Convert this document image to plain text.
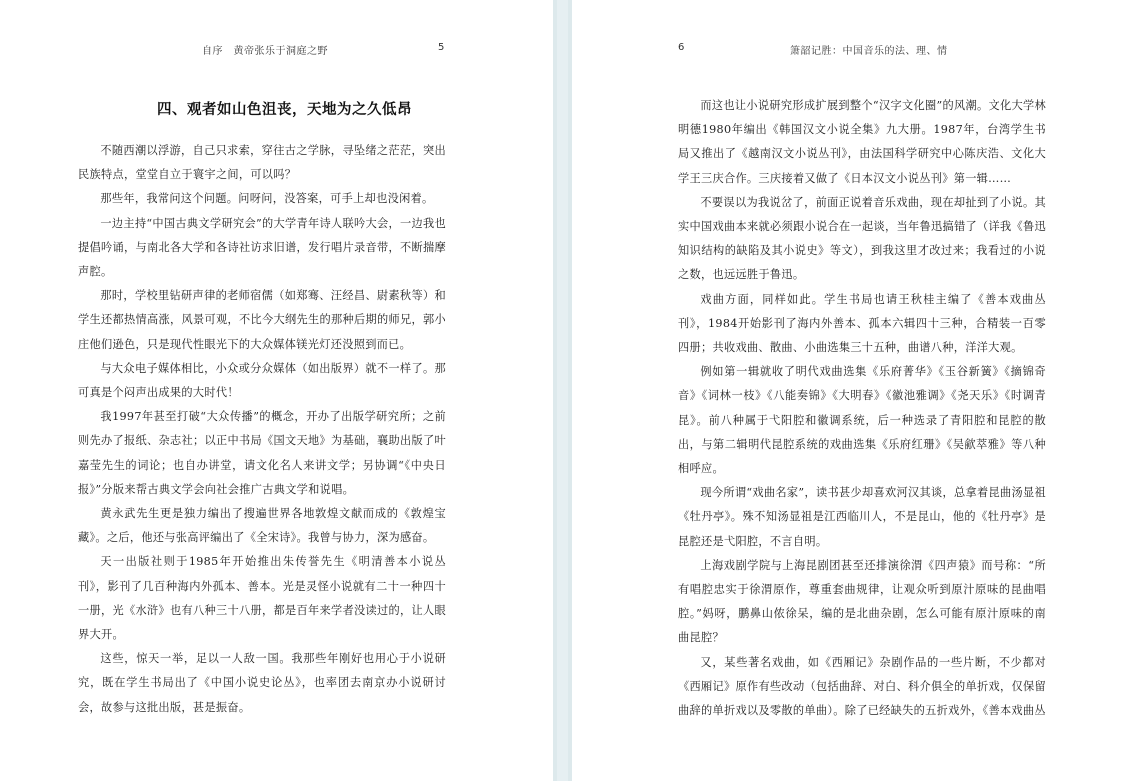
自序　黄帝张乐于洞庭之野	5
四、观者如山色沮丧，天地为之久低昂

不随西潮以浮游，自己只求索，穿往古之学脉，寻坠绪之茫茫，突出民族特点，堂堂自立于寰宇之间，可以吗？

那些年，我常问这个问题。问呀问，没答案，可手上却也没闲着。

一边主持“中国古典文学研究会”的大学青年诗人联吟大会，一边我也提倡吟诵，与南北各大学和各诗社访求旧谱，发行唱片录音带，不断揣摩声腔。

那时，学校里钻研声律的老师宿儒（如郑骞、汪经昌、尉素秋等）和学生还都热情高涨，风景可观，不比今大纲先生的那种后期的师兄，郭小庄他们逊色，只是现代性眼光下的大众媒体镁光灯还没照到而已。

与大众电子媒体相比，小众或分众媒体（如出版界）就不一样了。那可真是个闷声出成果的大时代！

我1997年甚至打破“大众传播”的概念，开办了出版学研究所；之前则先办了报纸、杂志社；以正中书局《国文天地》为基础，襄助出版了叶嘉莹先生的词论；也自办讲堂，请文化名人来讲文学；另协调“《中央日报》”分版来帮古典文学会向社会推广古典文学和说唱。

黄永武先生更是独力编出了搜遍世界各地敦煌文献而成的《敦煌宝藏》。之后，他还与张高评编出了《全宋诗》。我曾与协力，深为感奋。

天一出版社则于1985年开始推出朱传誉先生《明清善本小说丛刊》，影刊了几百种海内外孤本、善本。光是灵怪小说就有二十一种四十一册，光《水浒》也有八种三十八册，都是百年来学者没读过的，让人眼界大开。

这些，惊天一举，足以一人敌一国。我那些年刚好也用心于小说研究，既在学生书局出了《中国小说史论丛》，也率团去南京办小说研讨会，故参与这批出版，甚是振奋。

6	箫韶记胜：中国音乐的法、理、情

而这也让小说研究形成扩展到整个“汉字文化圈”的风潮。文化大学林明德1980年编出《韩国汉文小说全集》九大册。1987年，台湾学生书局又推出了《越南汉文小说丛刊》，由法国科学研究中心陈庆浩、文化大学王三庆合作。三庆接着又做了《日本汉文小说丛刊》第一辑……

不要误以为我说岔了，前面正说着音乐戏曲，现在却扯到了小说。其实中国戏曲本来就必须跟小说合在一起谈，当年鲁迅搞错了（详我《鲁迅知识结构的缺陷及其小说史》等文），到我这里才改过来；我看过的小说之数，也远远胜于鲁迅。

戏曲方面，同样如此。学生书局也请王秋桂主编了《善本戏曲丛刊》，1984开始影刊了海内外善本、孤本六辑四十三种，合精装一百零四册；共收戏曲、散曲、小曲选集三十五种，曲谱八种，洋洋大观。

例如第一辑就收了明代戏曲选集《乐府菁华》《玉谷新簧》《摘锦奇音》《词林一枝》《八能奏锦》《大明春》《徽池雅调》《尧天乐》《时调青昆》。前八种属于弋阳腔和徽调系统，后一种选录了青阳腔和昆腔的散出，与第二辑明代昆腔系统的戏曲选集《乐府红珊》《吴歈萃雅》等八种相呼应。

现今所谓“戏曲名家”，读书甚少却喜欢河汉其谈，总拿着昆曲汤显祖《牡丹亭》。殊不知汤显祖是江西临川人，不是昆山，他的《牡丹亭》是昆腔还是弋阳腔，不言自明。

上海戏剧学院与上海昆剧团甚至还排演徐渭《四声猿》而号称：“所有唱腔忠实于徐渭原作，尊重套曲规律，让观众听到原汁原味的昆曲唱腔。”妈呀，鹏鼻山侬徐呆，编的是北曲杂剧，怎么可能有原汁原味的南曲昆腔？

又，某些著名戏曲，如《西厢记》杂剧作品的一些片断，不少都对《西厢记》原作有些改动（包括曲辞、对白、科介俱全的单折戏，仅保留曲辞的单折戏以及零散的单曲）。除了已经缺失的五折戏外，《善本戏曲丛
